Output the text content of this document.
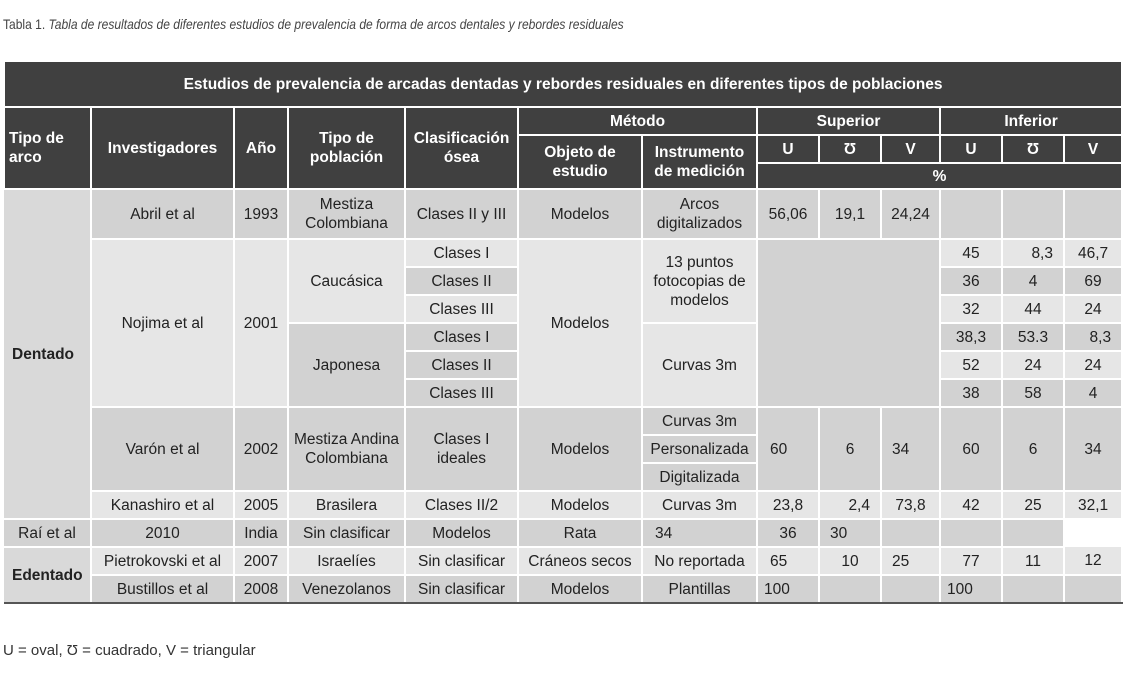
Tabla 1. Tabla de resultados de diferentes estudios de prevalencia de forma de arcos dentales y rebordes residuales
Estudios de prevalencia de arcadas dentadas y rebordes residuales en diferentes tipos de poblaciones												
Tipo de arco	Investigadores	Año	Tipo de población	Clasificación ósea	Método		Superior			Inferior		
					Objeto de estudio	Instrumento de medición	U	Ʊ	V	U	Ʊ	V
							%					
Dentado	Abril et al	1993	Mestiza Colombiana	Clases II y III	Modelos	Arcos digitalizados	56,06	19,1	24,24			
	Nojima et al	2001	Caucásica	Clases I	Modelos	13 puntos fotocopias de modelos				45	8,3	46,7
				Clases II						36	4	69
				Clases III						32	44	24
			Japonesa	Clases I		Curvas 3m				38,3	53.3	8,3
				Clases II						52	24	24
				Clases III						38	58	4
	Varón et al	2002	Mestiza Andina Colombiana	Clases I ideales	Modelos	Curvas 3m	60	6	34	60	6	34
						Personalizada						
						Digitalizada						
	Kanashiro et al	2005	Brasilera	Clases II/2	Modelos	Curvas 3m	23,8	2,4	73,8	42	25	32,1
Raí et al	2010	India	Sin clasificar	Modelos	Rata	34	36	30				
Edentado	Pietrokovski et al	2007	Israelíes	Sin clasificar	Cráneos secos	No reportada	65	10	25	77	11	12
	Bustillos et al	2008	Venezolanos	Sin clasificar	Modelos	Plantillas	100			100		
U = oval, Ʊ = cuadrado, V = triangular
